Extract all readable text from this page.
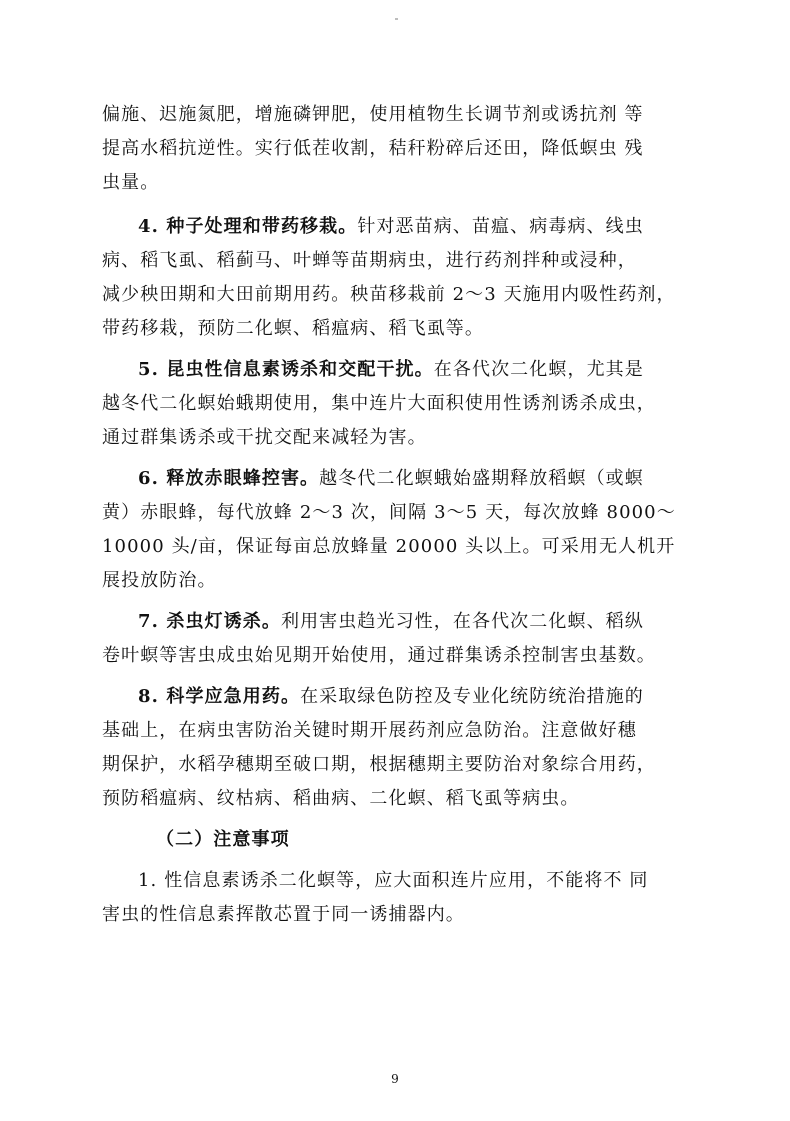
偏施、迟施氮肥，增施磷钾肥，使用植物生长调节剂或诱抗剂 等
提高水稻抗逆性。实行低茬收割，秸秆粉碎后还田，降低螟虫 残
虫量。
4. 种子处理和带药移栽。针对恶苗病、苗瘟、病毒病、线虫
病、稻飞虱、稻蓟马、叶蝉等苗期病虫，进行药剂拌种或浸种，
减少秧田期和大田前期用药。秧苗移栽前 2～3 天施用内吸性药剂，
带药移栽，预防二化螟、稻瘟病、稻飞虱等。
5. 昆虫性信息素诱杀和交配干扰。在各代次二化螟，尤其是
越冬代二化螟始蛾期使用，集中连片大面积使用性诱剂诱杀成虫，
通过群集诱杀或干扰交配来减轻为害。
6. 释放赤眼蜂控害。越冬代二化螟蛾始盛期释放稻螟（或螟
黄）赤眼蜂，每代放蜂 2～3 次，间隔 3～5 天，每次放蜂 8000～
10000 头/亩，保证每亩总放蜂量 20000 头以上。可采用无人机开
展投放防治。
7. 杀虫灯诱杀。利用害虫趋光习性，在各代次二化螟、稻纵
卷叶螟等害虫成虫始见期开始使用，通过群集诱杀控制害虫基数。
8. 科学应急用药。在采取绿色防控及专业化统防统治措施的
基础上，在病虫害防治关键时期开展药剂应急防治。注意做好穗
期保护，水稻孕穗期至破口期，根据穗期主要防治对象综合用药，
预防稻瘟病、纹枯病、稻曲病、二化螟、稻飞虱等病虫。
（二）注意事项
1. 性信息素诱杀二化螟等，应大面积连片应用，不能将不 同
害虫的性信息素挥散芯置于同一诱捕器内。
9
